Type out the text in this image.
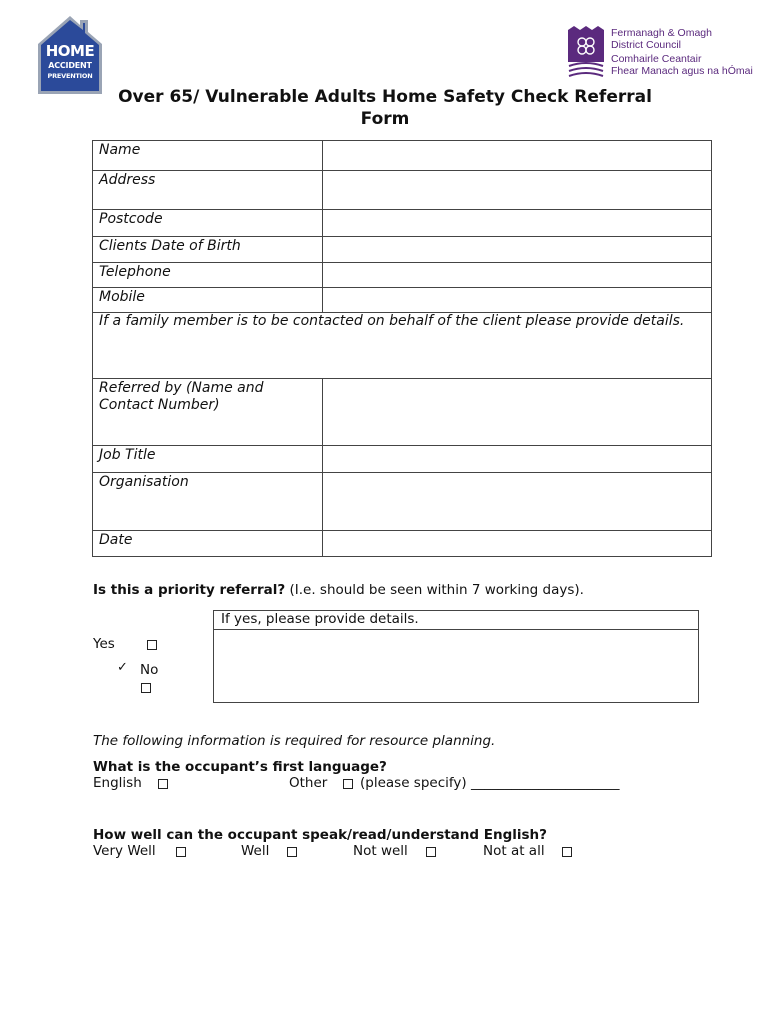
HOME
ACCIDENT
PREVENTION
Fermanagh & Omagh
District Council
Comhairle Ceantair
Fhear Manach agus na hÓmai
Over 65/ Vulnerable Adults Home Safety Check Referral
Form
Name	
Address	
Postcode	
Clients Date of Birth	
Telephone	
Mobile	
If a family member is to be contacted on behalf of the client please provide details.	
Referred by (Name and Contact Number)	
Job Title	
Organisation	
Date	
Is this a priority referral? (I.e. should be seen within 7 working days).
If yes, please provide details.
Yes
✓ No
The following information is required for resource planning.
What is the occupant’s first language?
English	Other (please specify) ______________________
How well can the occupant speak/read/understand English?
Very Well	Well	Not well	Not at all
